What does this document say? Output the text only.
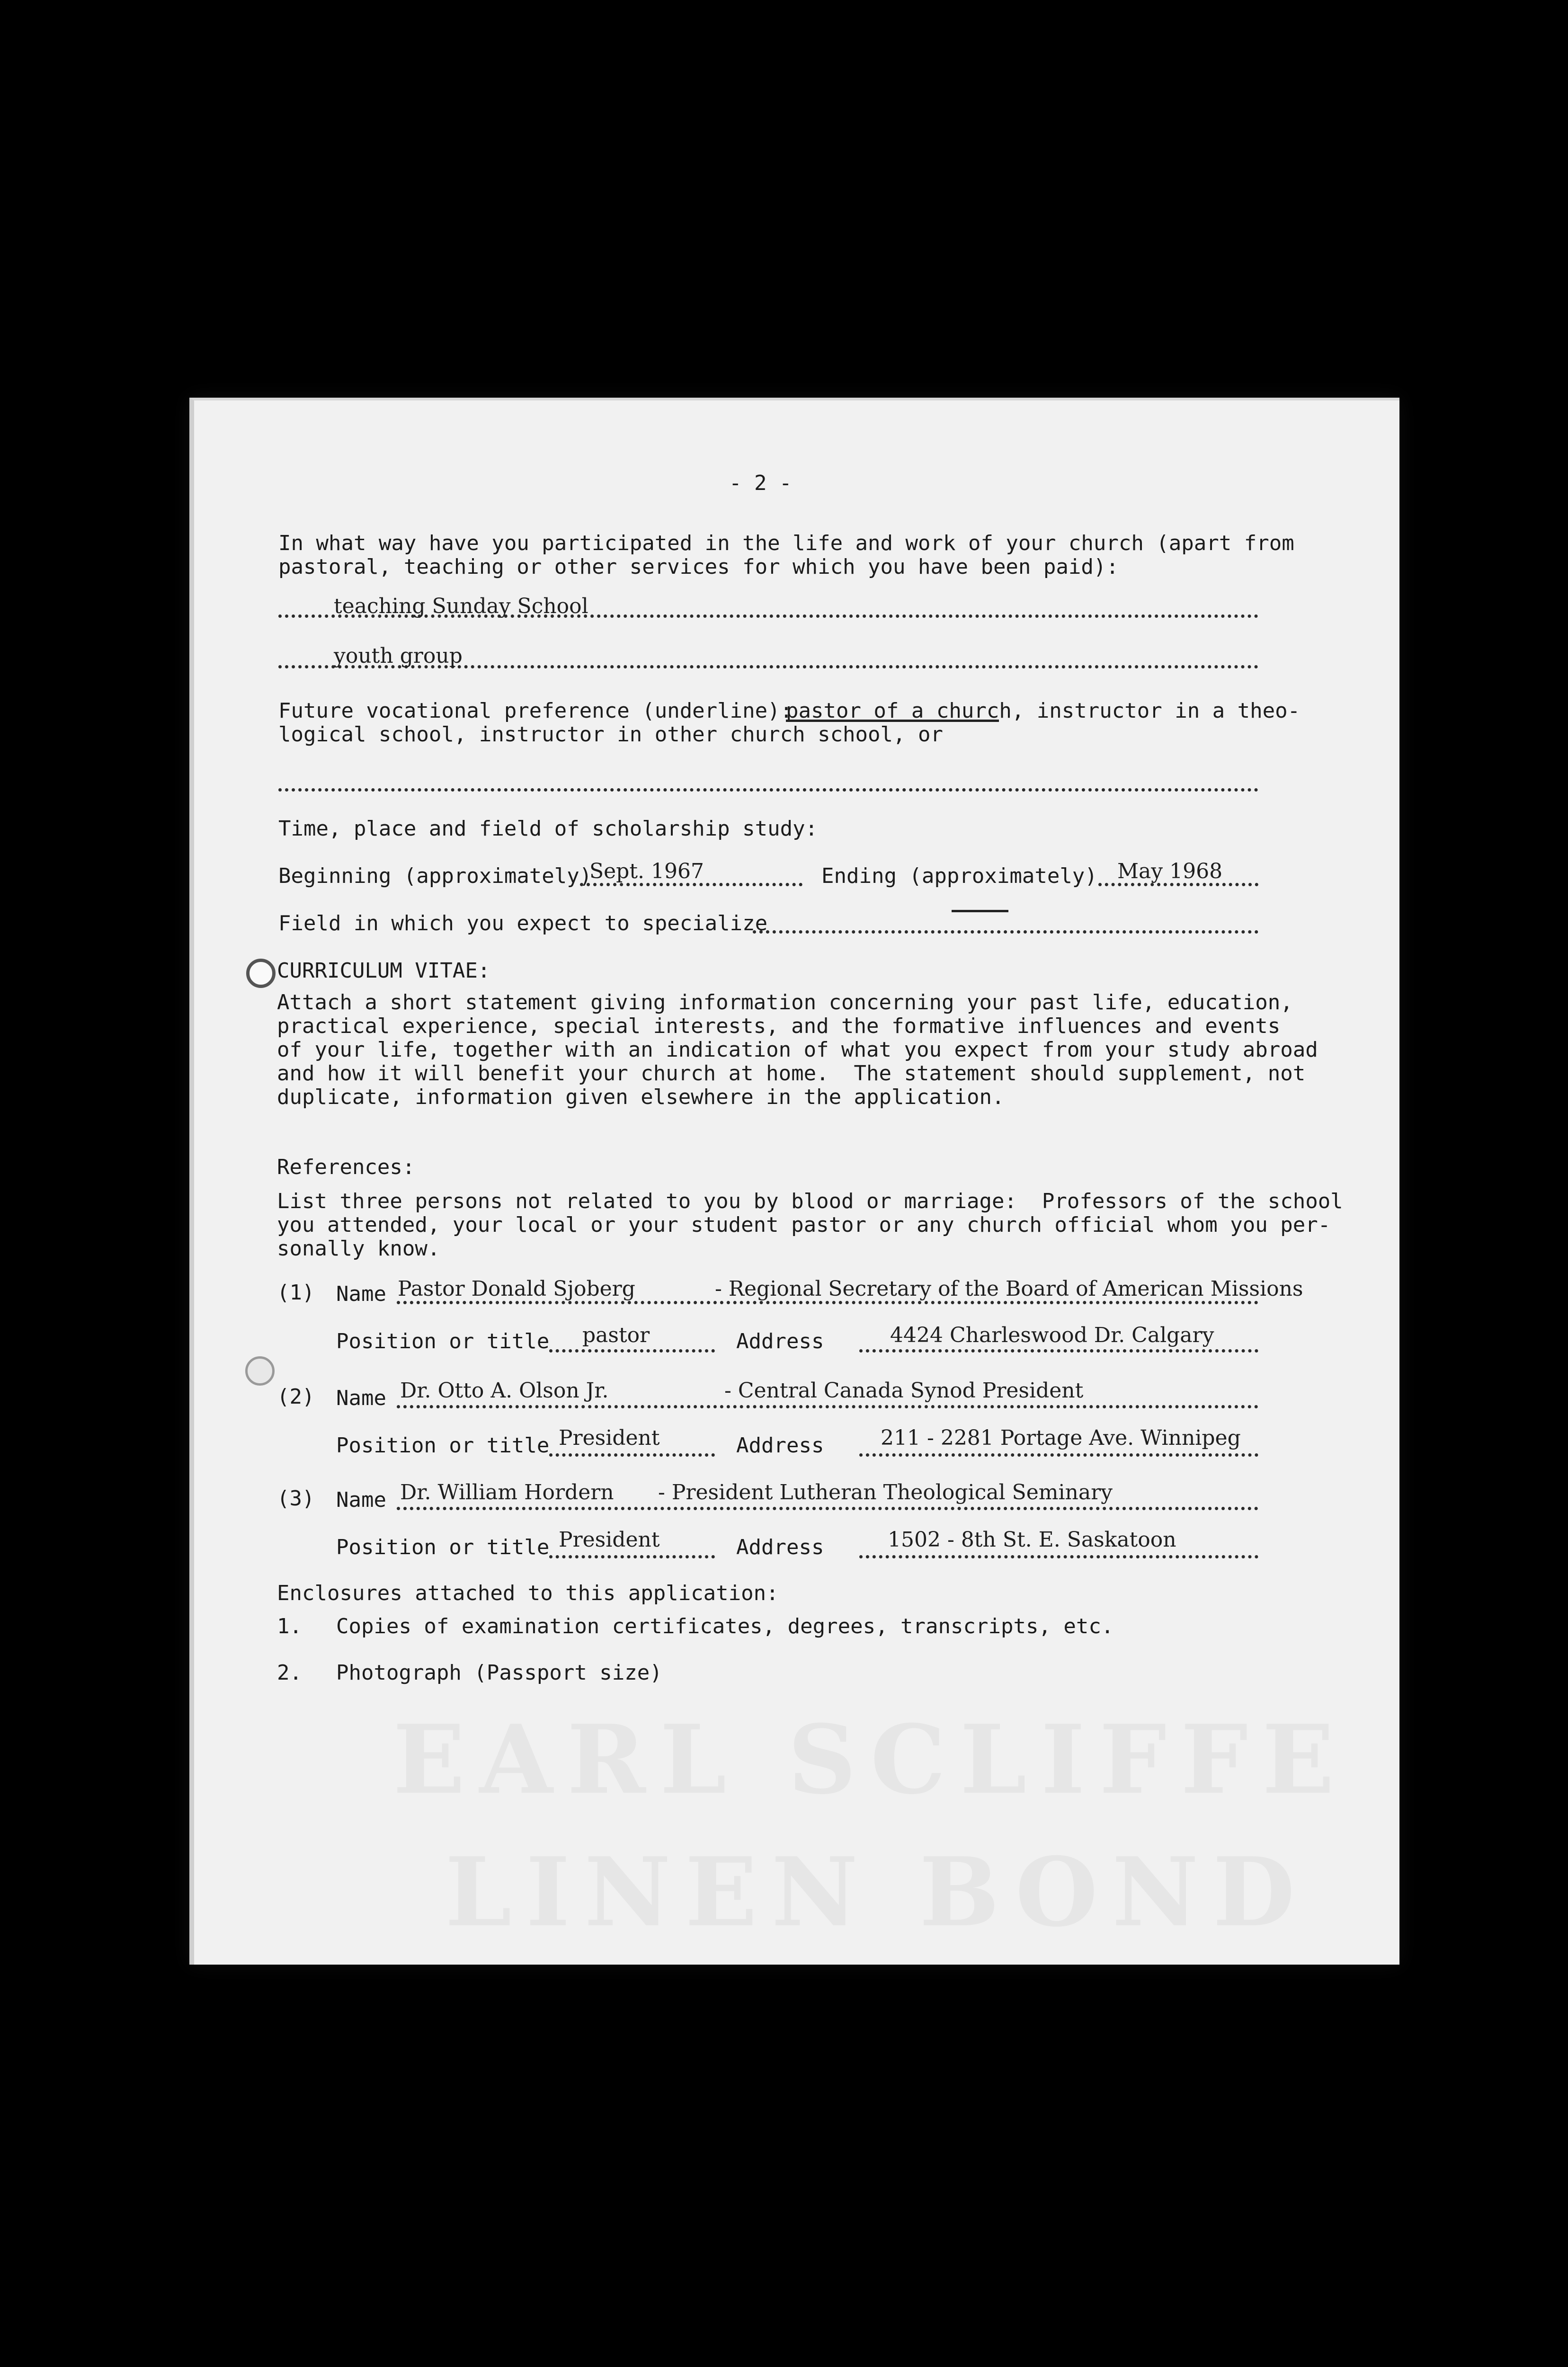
EARL SCLIFFE
LINEN BOND
- 2 -
In what way have you participated in the life and work of your church (apart from
pastoral, teaching or other services for which you have been paid):
teaching Sunday School
youth group
Future vocational preference (underline):
pastor of a church, instructor in a theo-
logical school, instructor in other church school, or
Time, place and field of scholarship study:
Beginning (approximately)
Sept. 1967	Ending (approximately) May 1968
Field in which you expect to specialize
CURRICULUM VITAE:
Attach a short statement giving information concerning your past life, education,
practical experience, special interests, and the formative influences and events
of your life, together with an indication of what you expect from your study abroad
and how it will benefit your church at home.  The statement should supplement, not
duplicate, information given elsewhere in the application.
References:
List three persons not related to you by blood or marriage:  Professors of the school
you attended, your local or your student pastor or any church official whom you per-
sonally know.
(1) Name Pastor Donald Sjoberg	- Regional Secretary of the Board of American Missions
Position or title pastor	Address	4424 Charleswood Dr. Calgary
(2) Name Dr. Otto A. Olson Jr.	- Central Canada Synod President
Position or title President	Address	211 - 2281 Portage Ave. Winnipeg
(3) Name Dr. William Hordern - President Lutheran Theological Seminary
Position or title President	Address	1502 - 8th St. E. Saskatoon
Enclosures attached to this application:
1. Copies of examination certificates, degrees, transcripts, etc.
2. Photograph (Passport size)
